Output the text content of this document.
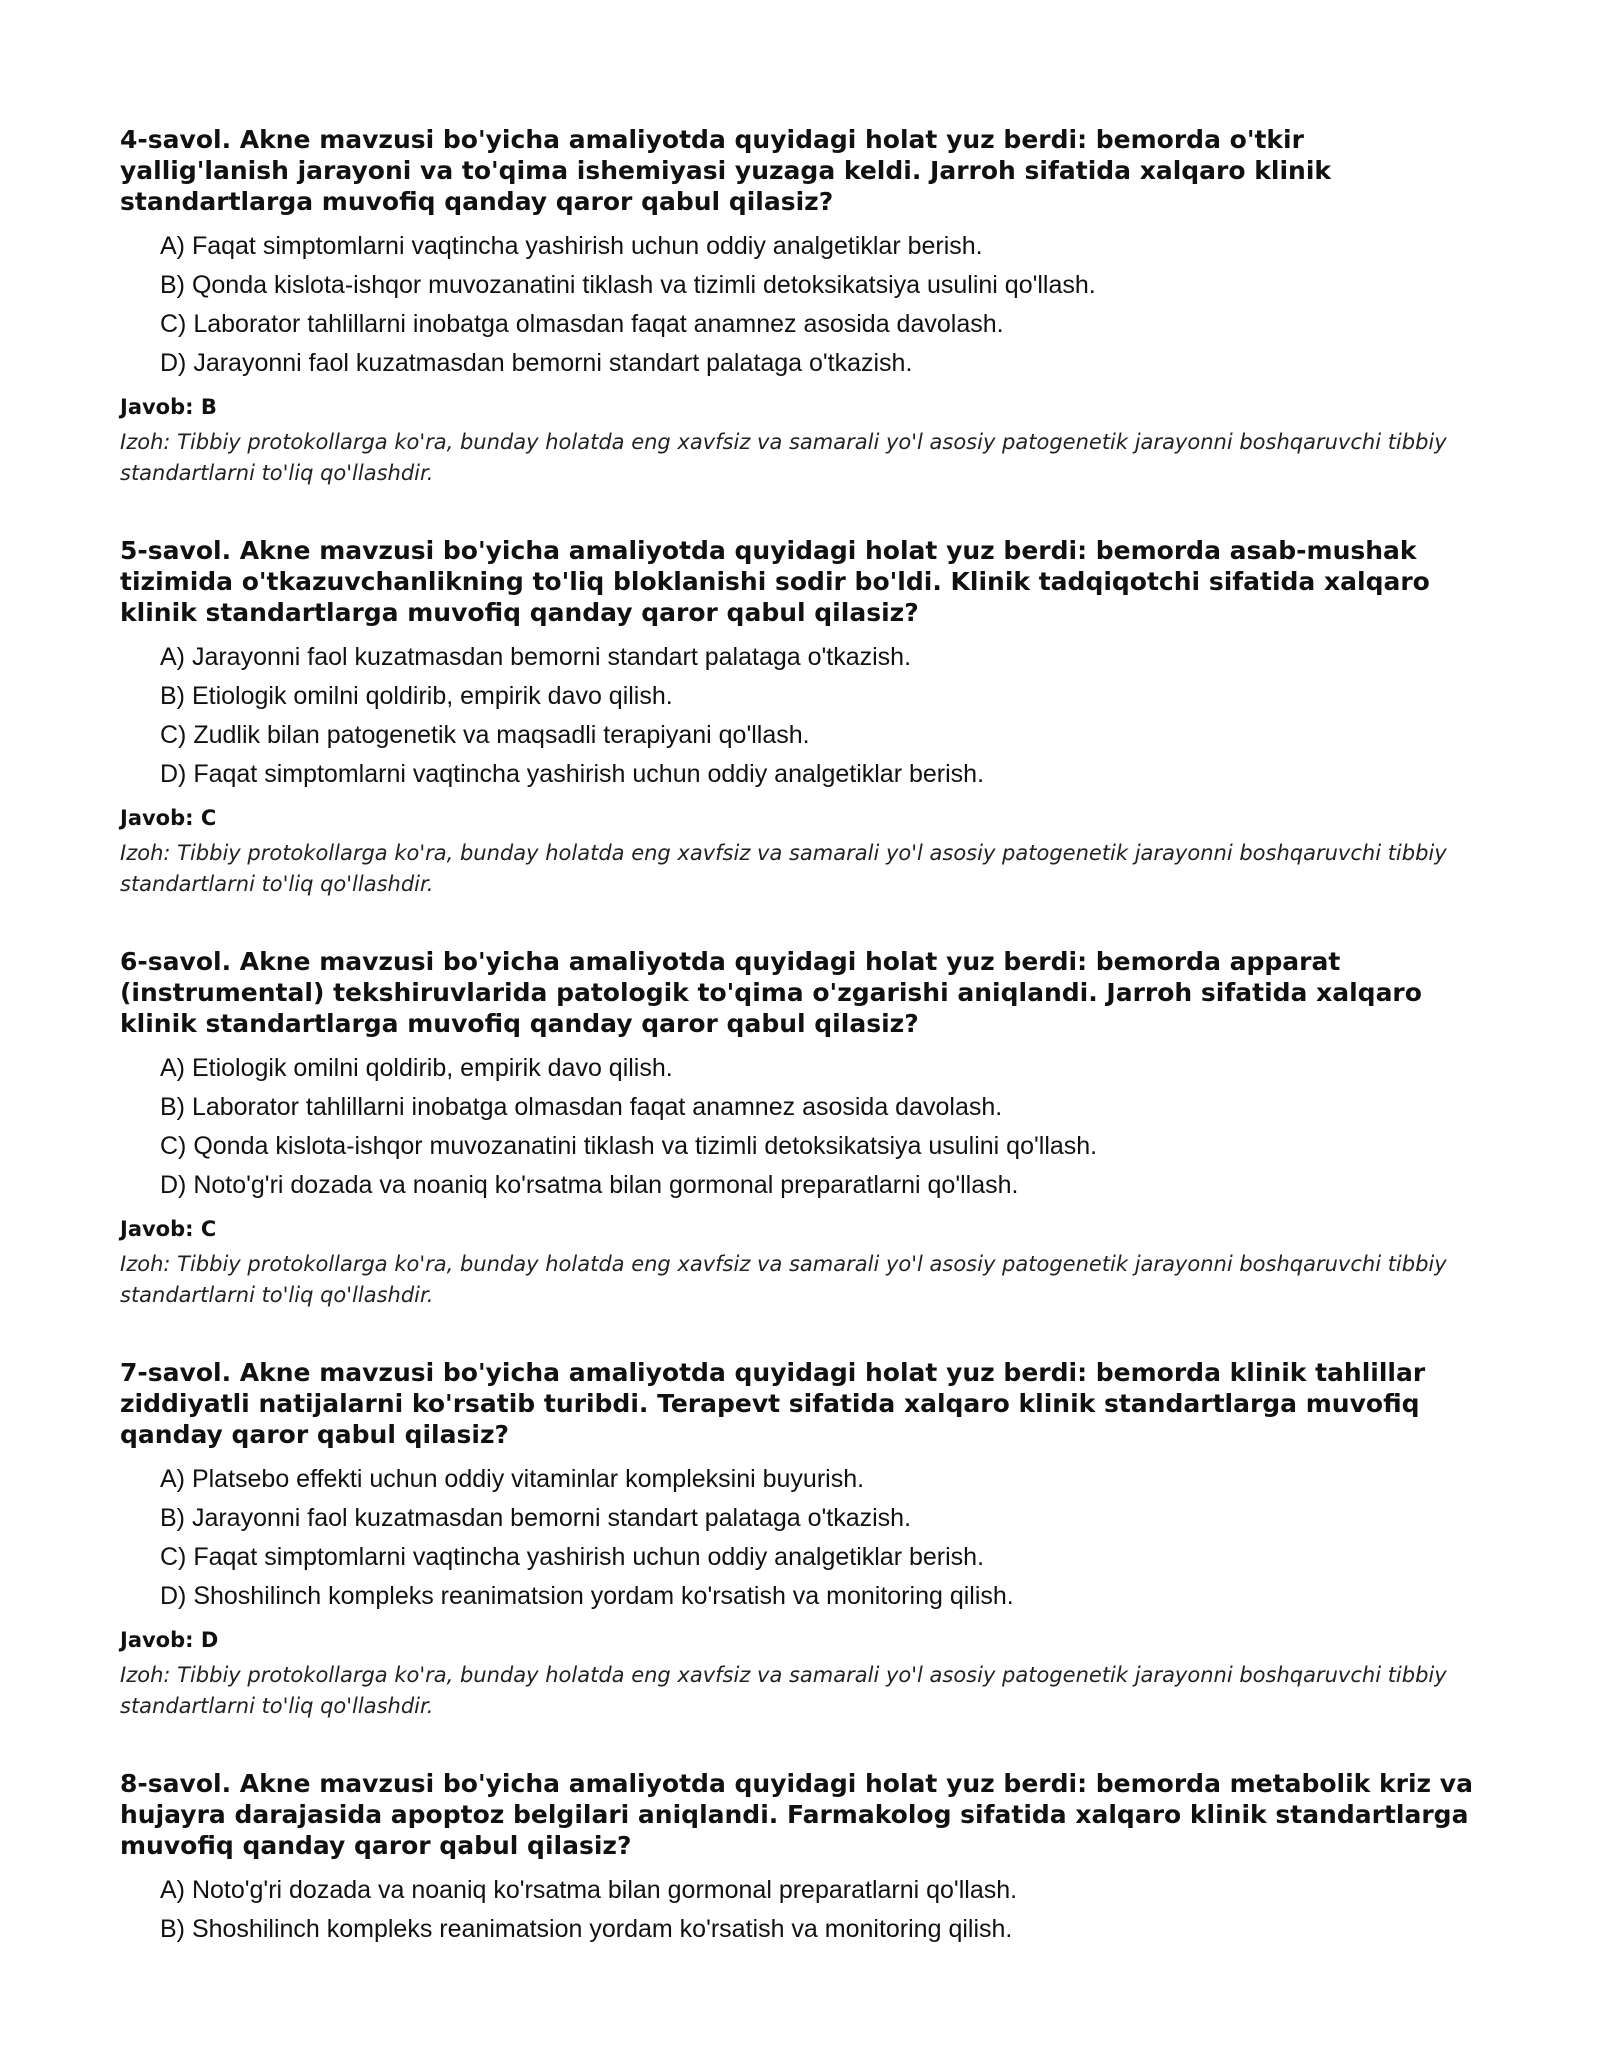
4-savol. Akne mavzusi bo'yicha amaliyotda quyidagi holat yuz berdi: bemorda o'tkir yallig'lanish jarayoni va to'qima ishemiyasi yuzaga keldi. Jarroh sifatida xalqaro klinik standartlarga muvofiq qanday qaror qabul qilasiz?

A) Faqat simptomlarni vaqtincha yashirish uchun oddiy analgetiklar berish.
B) Qonda kislota-ishqor muvozanatini tiklash va tizimli detoksikatsiya usulini qo'llash.
C) Laborator tahlillarni inobatga olmasdan faqat anamnez asosida davolash.
D) Jarayonni faol kuzatmasdan bemorni standart palataga o'tkazish.

Javob: B

Izoh: Tibbiy protokollarga ko'ra, bunday holatda eng xavfsiz va samarali yo'l asosiy patogenetik jarayonni boshqaruvchi tibbiy standartlarni to'liq qo'llashdir.

5-savol. Akne mavzusi bo'yicha amaliyotda quyidagi holat yuz berdi: bemorda asab-mushak tizimida o'tkazuvchanlikning to'liq bloklanishi sodir bo'ldi. Klinik tadqiqotchi sifatida xalqaro klinik standartlarga muvofiq qanday qaror qabul qilasiz?

A) Jarayonni faol kuzatmasdan bemorni standart palataga o'tkazish.
B) Etiologik omilni qoldirib, empirik davo qilish.
C) Zudlik bilan patogenetik va maqsadli terapiyani qo'llash.
D) Faqat simptomlarni vaqtincha yashirish uchun oddiy analgetiklar berish.

Javob: C

Izoh: Tibbiy protokollarga ko'ra, bunday holatda eng xavfsiz va samarali yo'l asosiy patogenetik jarayonni boshqaruvchi tibbiy standartlarni to'liq qo'llashdir.

6-savol. Akne mavzusi bo'yicha amaliyotda quyidagi holat yuz berdi: bemorda apparat (instrumental) tekshiruvlarida patologik to'qima o'zgarishi aniqlandi. Jarroh sifatida xalqaro klinik standartlarga muvofiq qanday qaror qabul qilasiz?

A) Etiologik omilni qoldirib, empirik davo qilish.
B) Laborator tahlillarni inobatga olmasdan faqat anamnez asosida davolash.
C) Qonda kislota-ishqor muvozanatini tiklash va tizimli detoksikatsiya usulini qo'llash.
D) Noto'g'ri dozada va noaniq ko'rsatma bilan gormonal preparatlarni qo'llash.

Javob: C

Izoh: Tibbiy protokollarga ko'ra, bunday holatda eng xavfsiz va samarali yo'l asosiy patogenetik jarayonni boshqaruvchi tibbiy standartlarni to'liq qo'llashdir.

7-savol. Akne mavzusi bo'yicha amaliyotda quyidagi holat yuz berdi: bemorda klinik tahlillar ziddiyatli natijalarni ko'rsatib turibdi. Terapevt sifatida xalqaro klinik standartlarga muvofiq qanday qaror qabul qilasiz?

A) Platsebo effekti uchun oddiy vitaminlar kompleksini buyurish.
B) Jarayonni faol kuzatmasdan bemorni standart palataga o'tkazish.
C) Faqat simptomlarni vaqtincha yashirish uchun oddiy analgetiklar berish.
D) Shoshilinch kompleks reanimatsion yordam ko'rsatish va monitoring qilish.

Javob: D

Izoh: Tibbiy protokollarga ko'ra, bunday holatda eng xavfsiz va samarali yo'l asosiy patogenetik jarayonni boshqaruvchi tibbiy standartlarni to'liq qo'llashdir.

8-savol. Akne mavzusi bo'yicha amaliyotda quyidagi holat yuz berdi: bemorda metabolik kriz va hujayra darajasida apoptoz belgilari aniqlandi. Farmakolog sifatida xalqaro klinik standartlarga muvofiq qanday qaror qabul qilasiz?

A) Noto'g'ri dozada va noaniq ko'rsatma bilan gormonal preparatlarni qo'llash.
B) Shoshilinch kompleks reanimatsion yordam ko'rsatish va monitoring qilish.
